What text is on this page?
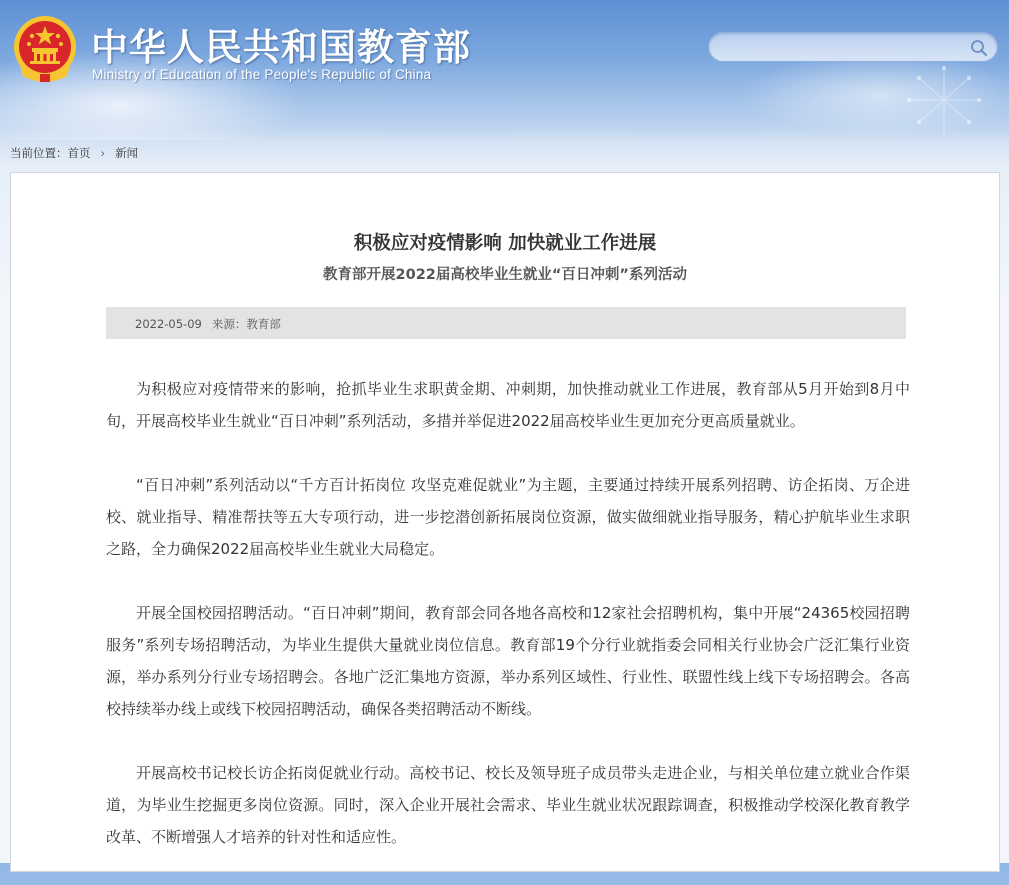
中华人民共和国教育部
Ministry of Education of the People's Republic of China
当前位置：首页 › 新闻
积极应对疫情影响 加快就业工作进展
教育部开展2022届高校毕业生就业“百日冲刺”系列活动
2022-05-09 来源：教育部

为积极应对疫情带来的影响，抢抓毕业生求职黄金期、冲刺期，加快推动就业工作进展，教育部从5月开始到8月中旬，开展高校毕业生就业“百日冲刺”系列活动，多措并举促进2022届高校毕业生更加充分更高质量就业。

“百日冲刺”系列活动以“千方百计拓岗位 攻坚克难促就业”为主题，主要通过持续开展系列招聘、访企拓岗、万企进校、就业指导、精准帮扶等五大专项行动，进一步挖潜创新拓展岗位资源，做实做细就业指导服务，精心护航毕业生求职之路，全力确保2022届高校毕业生就业大局稳定。

开展全国校园招聘活动。“百日冲刺”期间，教育部会同各地各高校和12家社会招聘机构，集中开展“24365校园招聘服务”系列专场招聘活动，为毕业生提供大量就业岗位信息。教育部19个分行业就指委会同相关行业协会广泛汇集行业资源，举办系列分行业专场招聘会。各地广泛汇集地方资源，举办系列区域性、行业性、联盟性线上线下专场招聘会。各高校持续举办线上或线下校园招聘活动，确保各类招聘活动不断线。

开展高校书记校长访企拓岗促就业行动。高校书记、校长及领导班子成员带头走进企业，与相关单位建立就业合作渠道，为毕业生挖掘更多岗位资源。同时，深入企业开展社会需求、毕业生就业状况跟踪调查，积极推动学校深化教育教学改革、不断增强人才培养的针对性和适应性。
